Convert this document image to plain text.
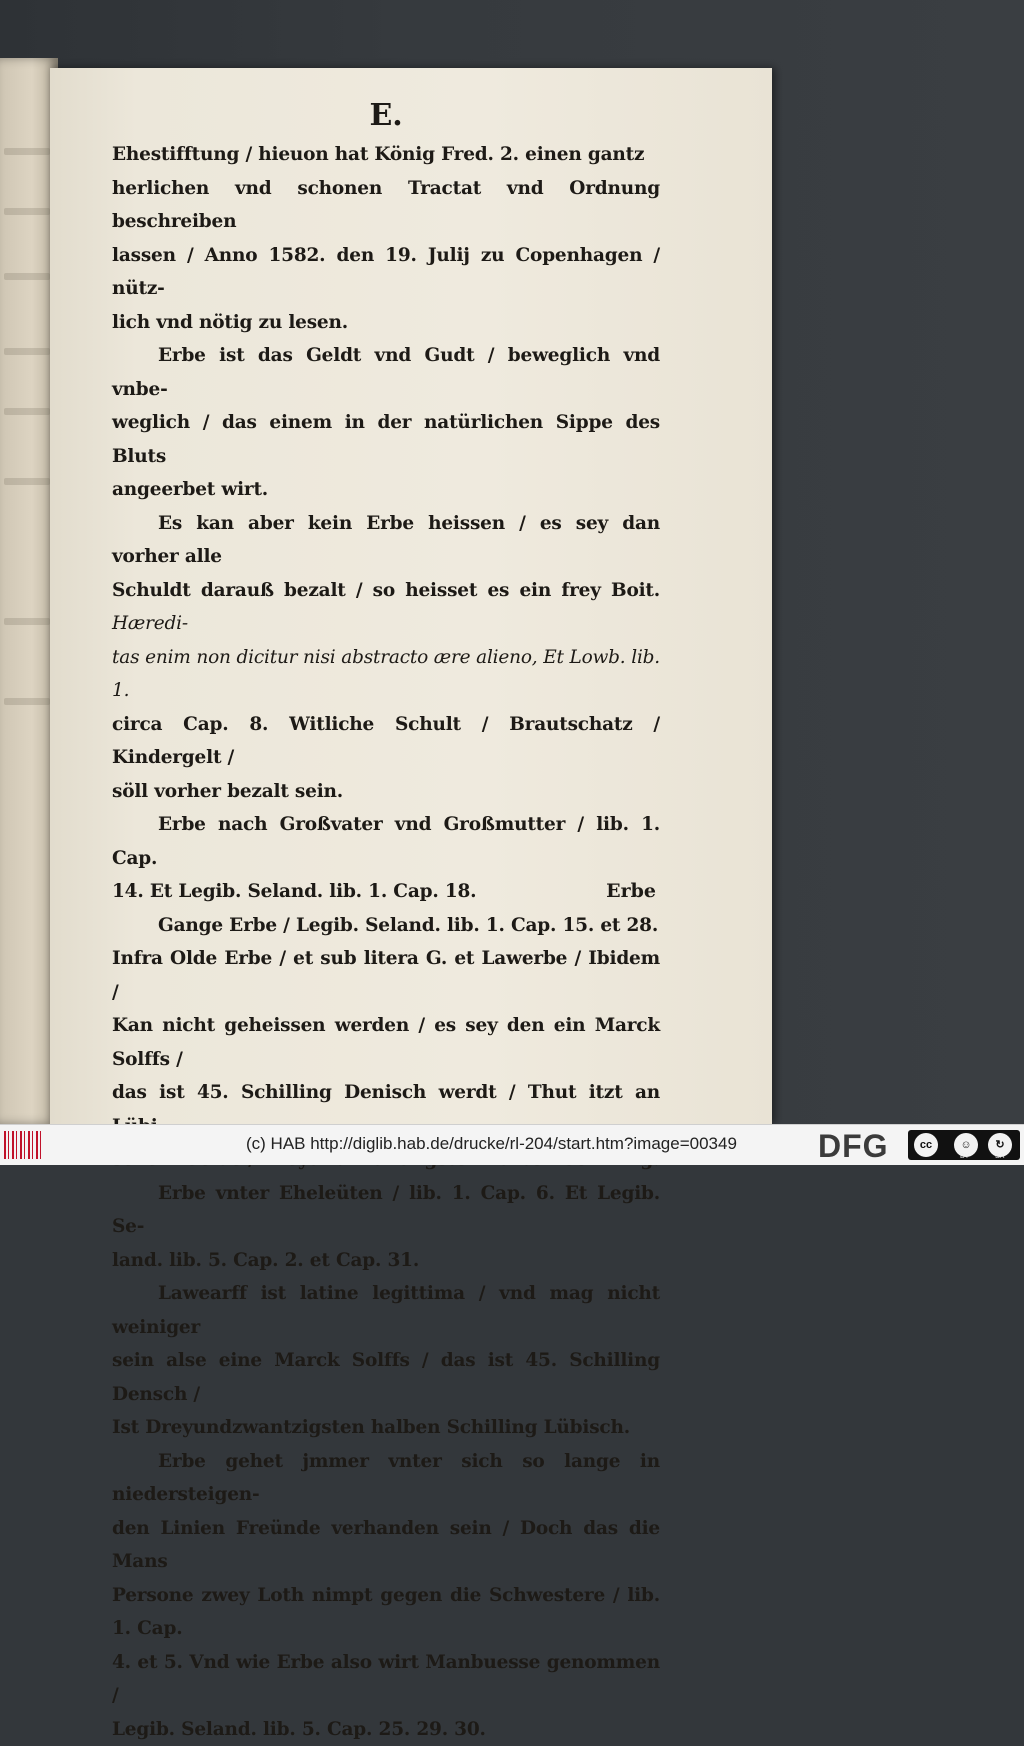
E.

Ehestifftung / hieuon hat König Fred. 2. einen gantz
herlichen vnd schonen Tractat vnd Ordnung beschreiben
lassen / Anno 1582. den 19. Julij zu Copenhagen / nütz-
lich vnd nötig zu lesen.

Erbe ist das Geldt vnd Gudt / beweglich vnd vnbe-
weglich / das einem in der natürlichen Sippe des Bluts
angeerbet wirt.

Es kan aber kein Erbe heissen / es sey dan vorher alle
Schuldt darauß bezalt / so heisset es ein frey Boit. Hæredi-
tas enim non dicitur nisi abstracto ære alieno, Et Lowb. lib. 1.
circa Cap. 8. Witliche Schult / Brautschatz / Kindergelt /
söll vorher bezalt sein.

Erbe nach Großvater vnd Großmutter / lib. 1. Cap.
14. Et Legib. Seland. lib. 1. Cap. 18.

Gange Erbe / Legib. Seland. lib. 1. Cap. 15. et 28.
Infra Olde Erbe / et sub litera G. et Lawerbe / Ibidem /
Kan nicht geheissen werden / es sey den ein Marck Solffs /
das ist 45. Schilling Denisch werdt / Thut itzt an

Erbe vnter Eheleüten / lib. 1. Cap. 6. Et Legib. Se-
land. lib. 5. Cap. 2. et Cap. 31.

Lawearff ist latine legittima / vnd mag nicht weiniger
sein alse eine Marck Solffs / das ist 45. Schilling Densch /
Ist Dreyundzwantzigsten halben Schilling Lübisch.

Erbe gehet jmmer vnter sich so lange in niedersteigen-
den Linien Freünde verhanden sein / Doch das die Mans
Persone zwey Loth nimpt gegen die Schwestere / lib. 1. Cap.
4. et 5. Vnd wie Erbe also wirt Manbuesse genommen /
Legib. Seland. lib. 5. Cap. 25. 29. 30.

Erbe
(c) HAB http://diglib.hab.de/drucke/rl-204/start.htm?image=00349	DFG	cc	☺	↻
BY	SA
